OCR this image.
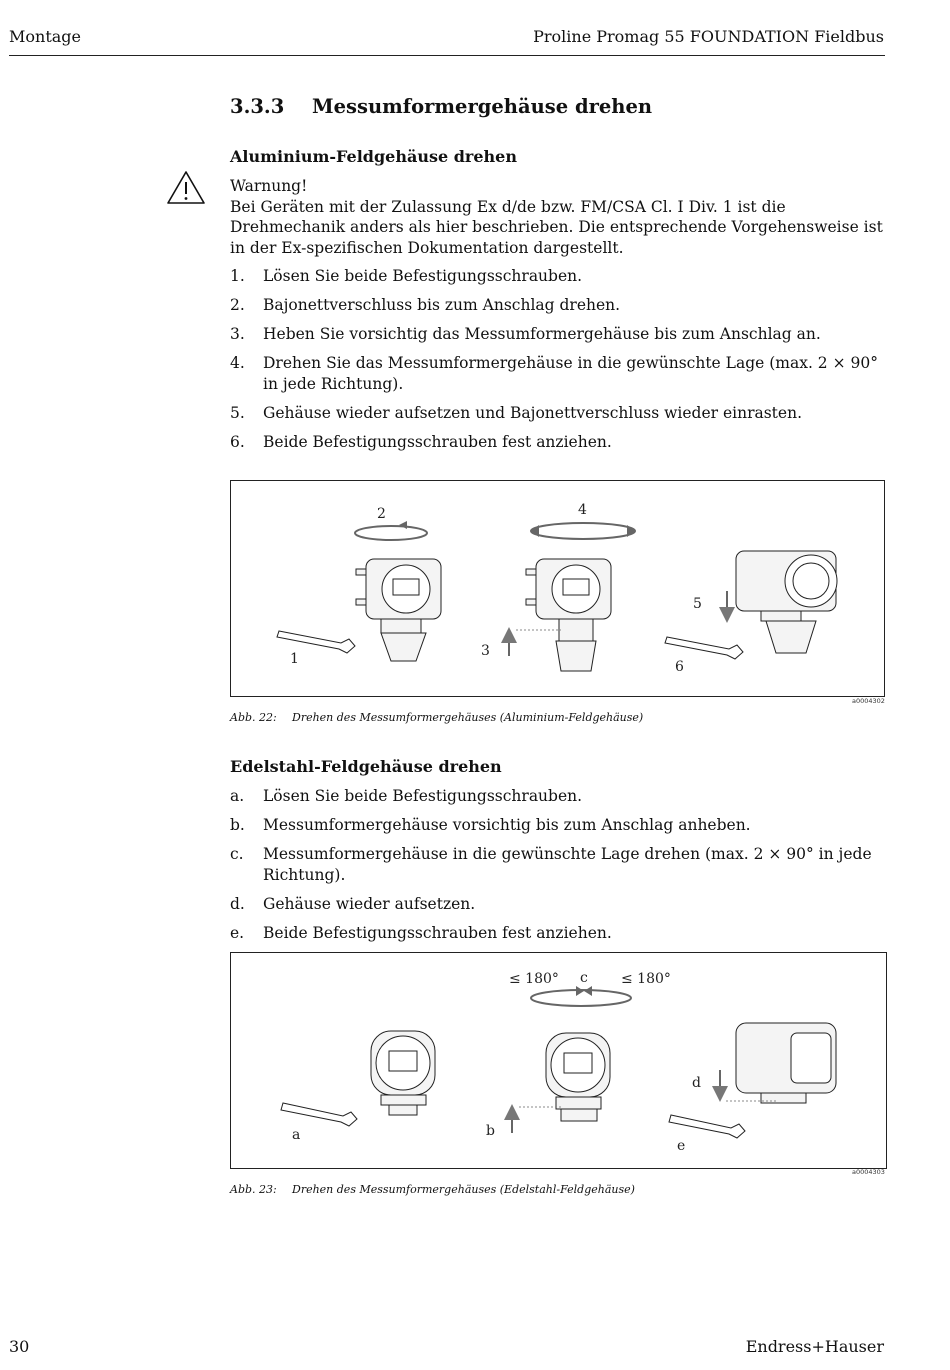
Montage	Proline Promag 55 FOUNDATION Fieldbus
3.3.3 Messumformergehäuse drehen
Aluminium-Feldgehäuse drehen
Warnung!
Bei Geräten mit der Zulassung Ex d/de bzw. FM/CSA Cl. I Div. 1 ist die Drehmechanik anders als hier beschrieben. Die entsprechende Vorgehensweise ist in der Ex-spezifischen Dokumentation dargestellt.
1. Lösen Sie beide Befestigungsschrauben.
2. Bajonettverschluss bis zum Anschlag drehen.
3. Heben Sie vorsichtig das Messumformergehäuse bis zum Anschlag an.
4. Drehen Sie das Messumformergehäuse in die gewünschte Lage (max. 2 × 90° in jede Richtung).
5. Gehäuse wieder aufsetzen und Bajonettverschluss wieder einrasten.
6. Beide Befestigungsschrauben fest anziehen.
1
2
3
4
5
6
a0004302
Abb. 22: Drehen des Messumformergehäuses (Aluminium-Feldgehäuse)
Edelstahl-Feldgehäuse drehen
a. Lösen Sie beide Befestigungsschrauben.
b. Messumformergehäuse vorsichtig bis zum Anschlag anheben.
c. Messumformergehäuse in die gewünschte Lage drehen (max. 2 × 90° in jede Richtung).
d. Gehäuse wieder aufsetzen.
e. Beide Befestigungsschrauben fest anziehen.
a	b
c
d
e
≤ 180°	≤ 180°
a0004303
Abb. 23: Drehen des Messumformergehäuses (Edelstahl-Feldgehäuse)
30	Endress+Hauser
